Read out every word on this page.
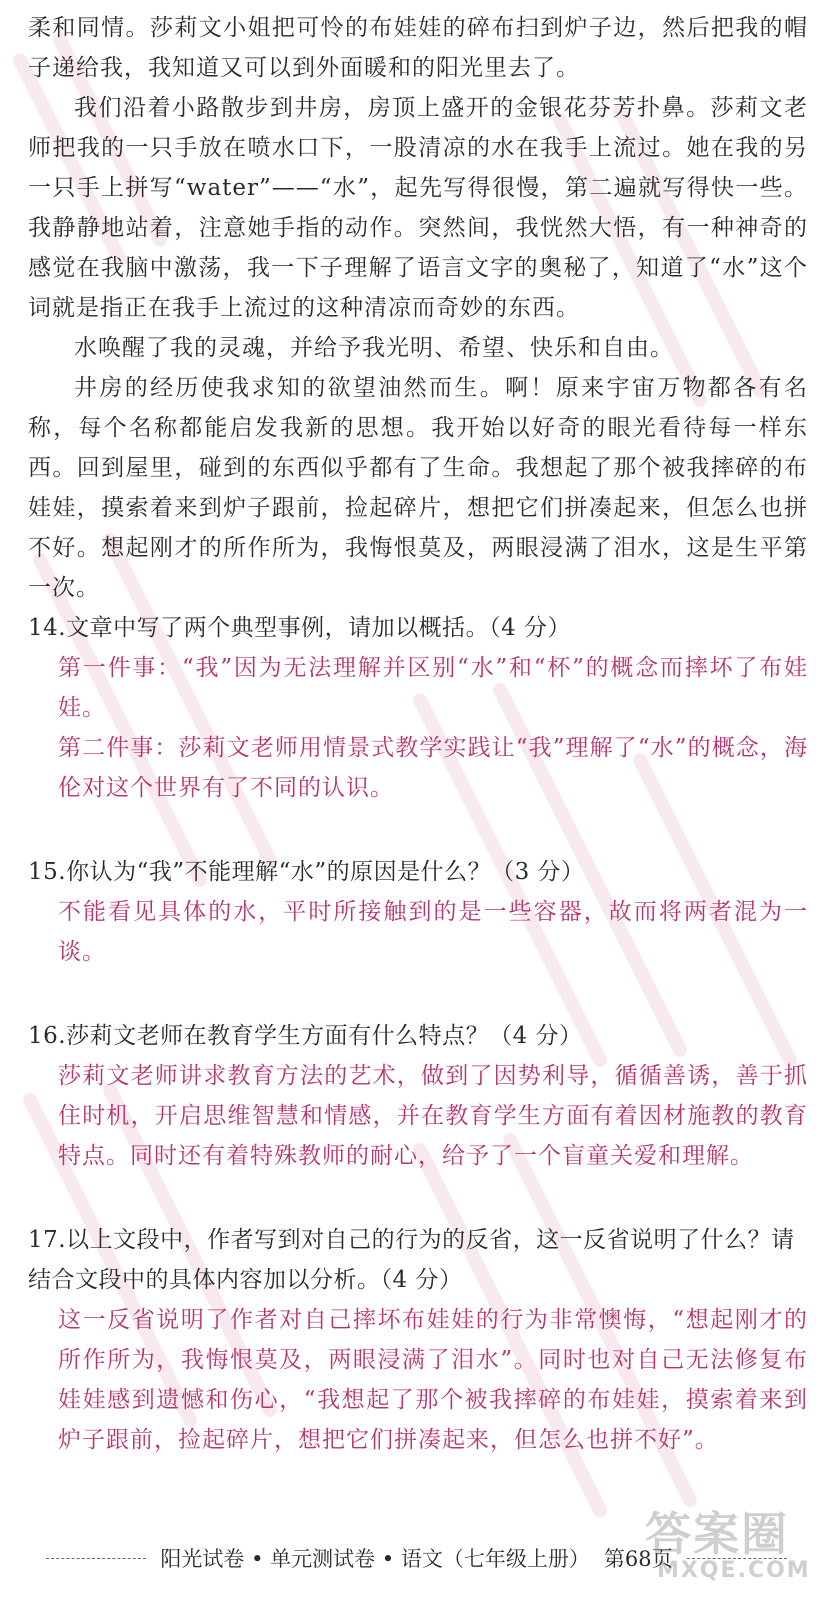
柔和同情。莎莉文小姐把可怜的布娃娃的碎布扫到炉子边，然后把我的帽子递给我，我知道又可以到外面暖和的阳光里去了。

我们沿着小路散步到井房，房顶上盛开的金银花芬芳扑鼻。莎莉文老师把我的一只手放在喷水口下，一股清凉的水在我手上流过。她在我的另一只手上拼写“water”——“水”，起先写得很慢，第二遍就写得快一些。我静静地站着，注意她手指的动作。突然间，我恍然大悟，有一种神奇的感觉在我脑中激荡，我一下子理解了语言文字的奥秘了，知道了“水”这个词就是指正在我手上流过的这种清凉而奇妙的东西。

水唤醒了我的灵魂，并给予我光明、希望、快乐和自由。

井房的经历使我求知的欲望油然而生。啊！原来宇宙万物都各有名称，每个名称都能启发我新的思想。我开始以好奇的眼光看待每一样东西。回到屋里，碰到的东西似乎都有了生命。我想起了那个被我摔碎的布娃娃，摸索着来到炉子跟前，捡起碎片，想把它们拼凑起来，但怎么也拼不好。想起刚才的所作所为，我悔恨莫及，两眼浸满了泪水，这是生平第一次。

14.文章中写了两个典型事例，请加以概括。（4 分）

第一件事：“我”因为无法理解并区别“水”和“杯”的概念而摔坏了布娃娃。

第二件事：莎莉文老师用情景式教学实践让“我”理解了“水”的概念，海伦对这个世界有了不同的认识。

15.你认为“我”不能理解“水”的原因是什么？（3 分）

不能看见具体的水，平时所接触到的是一些容器，故而将两者混为一谈。

16.莎莉文老师在教育学生方面有什么特点？（4 分）

莎莉文老师讲求教育方法的艺术，做到了因势利导，循循善诱，善于抓住时机，开启思维智慧和情感，并在教育学生方面有着因材施教的教育特点。同时还有着特殊教师的耐心，给予了一个盲童关爱和理解。

17.以上文段中，作者写到对自己的行为的反省，这一反省说明了什么？请结合文段中的具体内容加以分析。（4 分）

这一反省说明了作者对自己摔坏布娃娃的行为非常懊悔，“想起刚才的所作所为，我悔恨莫及，两眼浸满了泪水”。同时也对自己无法修复布娃娃感到遗憾和伤心，“我想起了那个被我摔碎的布娃娃，摸索着来到炉子跟前，捡起碎片，想把它们拼凑起来，但怎么也拼不好”。

答案圈
MXQE.COM
阳光试卷 • 单元测试卷 • 语文（七年级上册） 第68页
